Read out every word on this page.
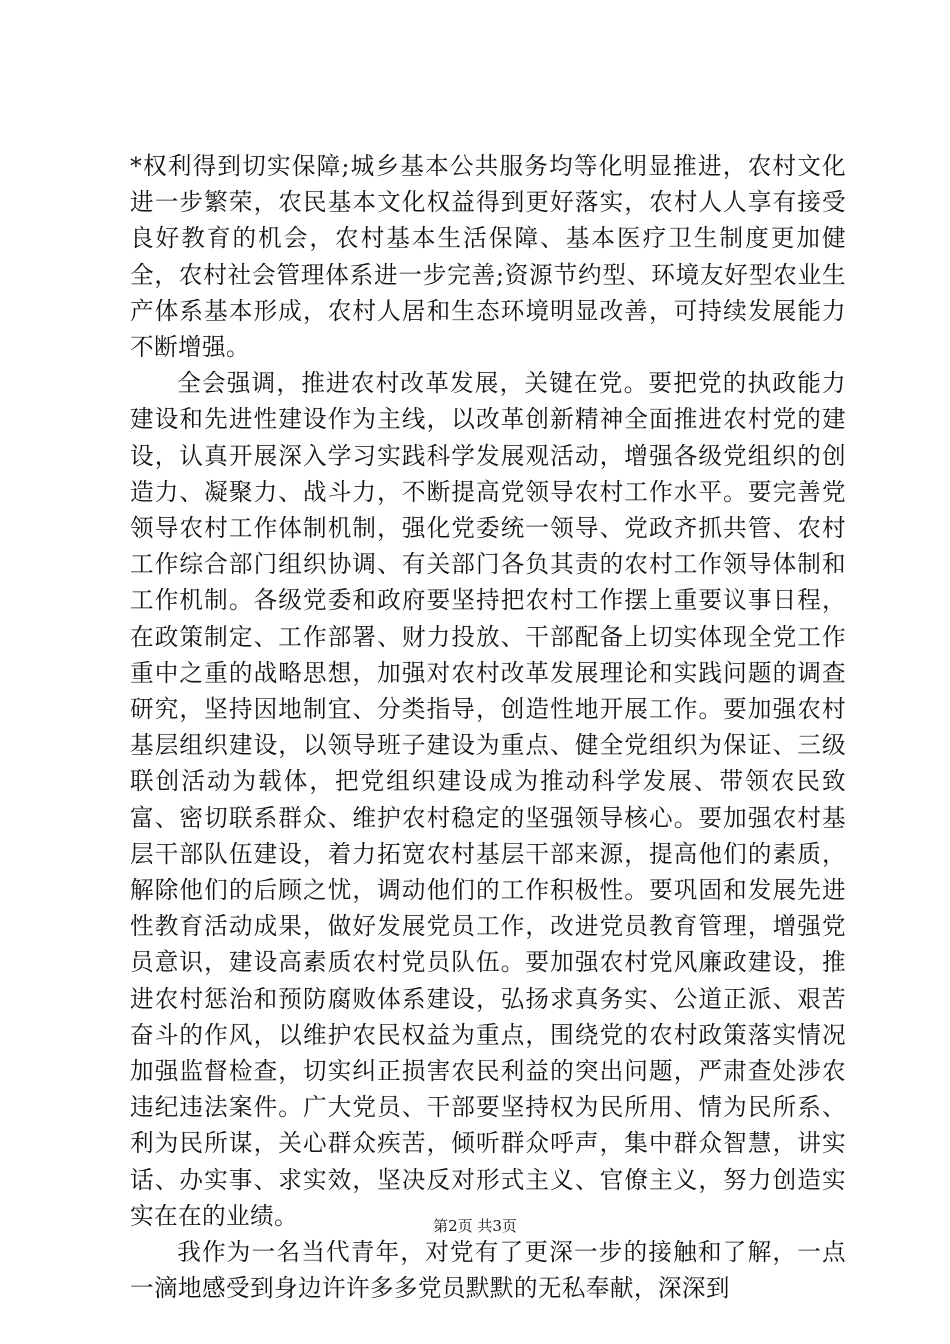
*权利得到切实保障;城乡基本公共服务均等化明显推进，农村文化进一步繁荣，农民基本文化权益得到更好落实，农村人人享有接受良好教育的机会，农村基本生活保障、基本医疗卫生制度更加健全，农村社会管理体系进一步完善;资源节约型、环境友好型农业生产体系基本形成，农村人居和生态环境明显改善，可持续发展能力不断增强。

全会强调，推进农村改革发展，关键在党。要把党的执政能力建设和先进性建设作为主线，以改革创新精神全面推进农村党的建设，认真开展深入学习实践科学发展观活动，增强各级党组织的创造力、凝聚力、战斗力，不断提高党领导农村工作水平。要完善党领导农村工作体制机制，强化党委统一领导、党政齐抓共管、农村工作综合部门组织协调、有关部门各负其责的农村工作领导体制和工作机制。各级党委和政府要坚持把农村工作摆上重要议事日程，在政策制定、工作部署、财力投放、干部配备上切实体现全党工作重中之重的战略思想，加强对农村改革发展理论和实践问题的调查研究，坚持因地制宜、分类指导，创造性地开展工作。要加强农村基层组织建设，以领导班子建设为重点、健全党组织为保证、三级联创活动为载体，把党组织建设成为推动科学发展、带领农民致富、密切联系群众、维护农村稳定的坚强领导核心。要加强农村基层干部队伍建设，着力拓宽农村基层干部来源，提高他们的素质，解除他们的后顾之忧，调动他们的工作积极性。要巩固和发展先进性教育活动成果，做好发展党员工作，改进党员教育管理，增强党员意识，建设高素质农村党员队伍。要加强农村党风廉政建设，推进农村惩治和预防腐败体系建设，弘扬求真务实、公道正派、艰苦奋斗的作风，以维护农民权益为重点，围绕党的农村政策落实情况加强监督检查，切实纠正损害农民利益的突出问题，严肃查处涉农违纪违法案件。广大党员、干部要坚持权为民所用、情为民所系、利为民所谋，关心群众疾苦，倾听群众呼声，集中群众智慧，讲实话、办实事、求实效，坚决反对形式主义、官僚主义，努力创造实实在在的业绩。

我作为一名当代青年，对党有了更深一步的接触和了解，一点一滴地感受到身边许许多多党员默默的无私奉献，深深到

第2页 共3页
